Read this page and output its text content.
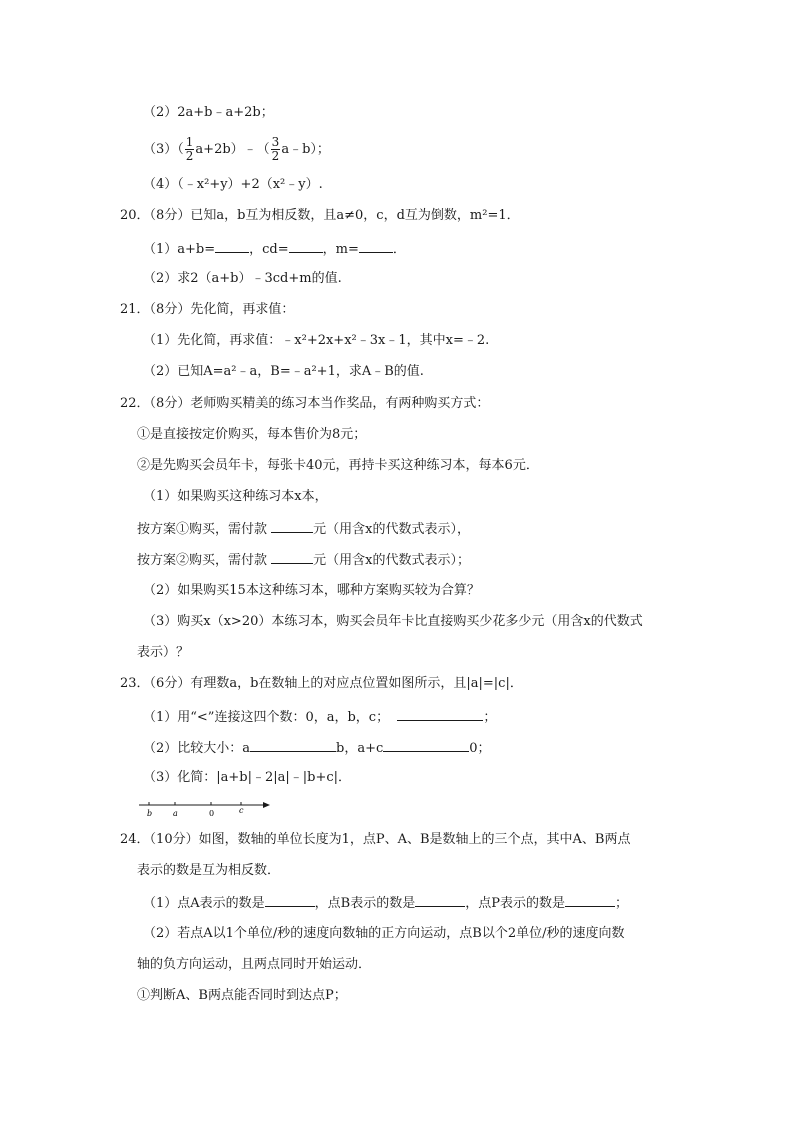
（2）2a+b﹣a+2b；
$(3)( \frac{1}{2}$ a+2b）﹣（ $\frac{3}{2}$ a﹣b）；
（4）（﹣x²+y）+2（x²﹣y）.
20．（8分）已知a，b互为相反数，且a≠0，c，d互为倒数，m²=1．
（1）a+b=	，cd=	，m=	．
（2）求2（a+b）﹣3cd+m的值.
21．（8分）先化简，再求值：
（1）先化简，再求值：﹣x²+2x+x²﹣3x﹣1，其中x=﹣2.
（2）已知A=a²﹣a，B=﹣a²+1，求A﹣B的值.
22．（8分）老师购买精美的练习本当作奖品，有两种购买方式：
①是直接按定价购买，每本售价为8元；
②是先购买会员年卡，每张卡40元，再持卡买这种练习本，每本6元．
（1）如果购买这种练习本x本，
按方案①购买，需付款	元（用含x的代数式表示），
按方案②购买，需付款	元（用含x的代数式表示）；
（2）如果购买15本这种练习本，哪种方案购买较为合算？
（3）购买x（x>20）本练习本，购买会员年卡比直接购买少花多少元（用含x的代数式
表示）？
23．（6分）有理数a，b在数轴上的对应点位置如图所示，且|a|=|c|．
（1）用“<”连接这四个数：0，a，b，c；	；
（2）比较大小：a	b，a+c	0；
（3）化简：|a+b|﹣2|a|﹣|b+c|．
b	a	0	c
24．（10分）如图，数轴的单位长度为1，点P、A、B是数轴上的三个点，其中A、B两点
表示的数是互为相反数．
（1）点A表示的数是	，点B表示的数是	，点P表示的数是	；
（2）若点A以1个单位/秒的速度向数轴的正方向运动，点B以个2单位/秒的速度向数
轴的负方向运动，且两点同时开始运动．
①判断A、B两点能否同时到达点P；
